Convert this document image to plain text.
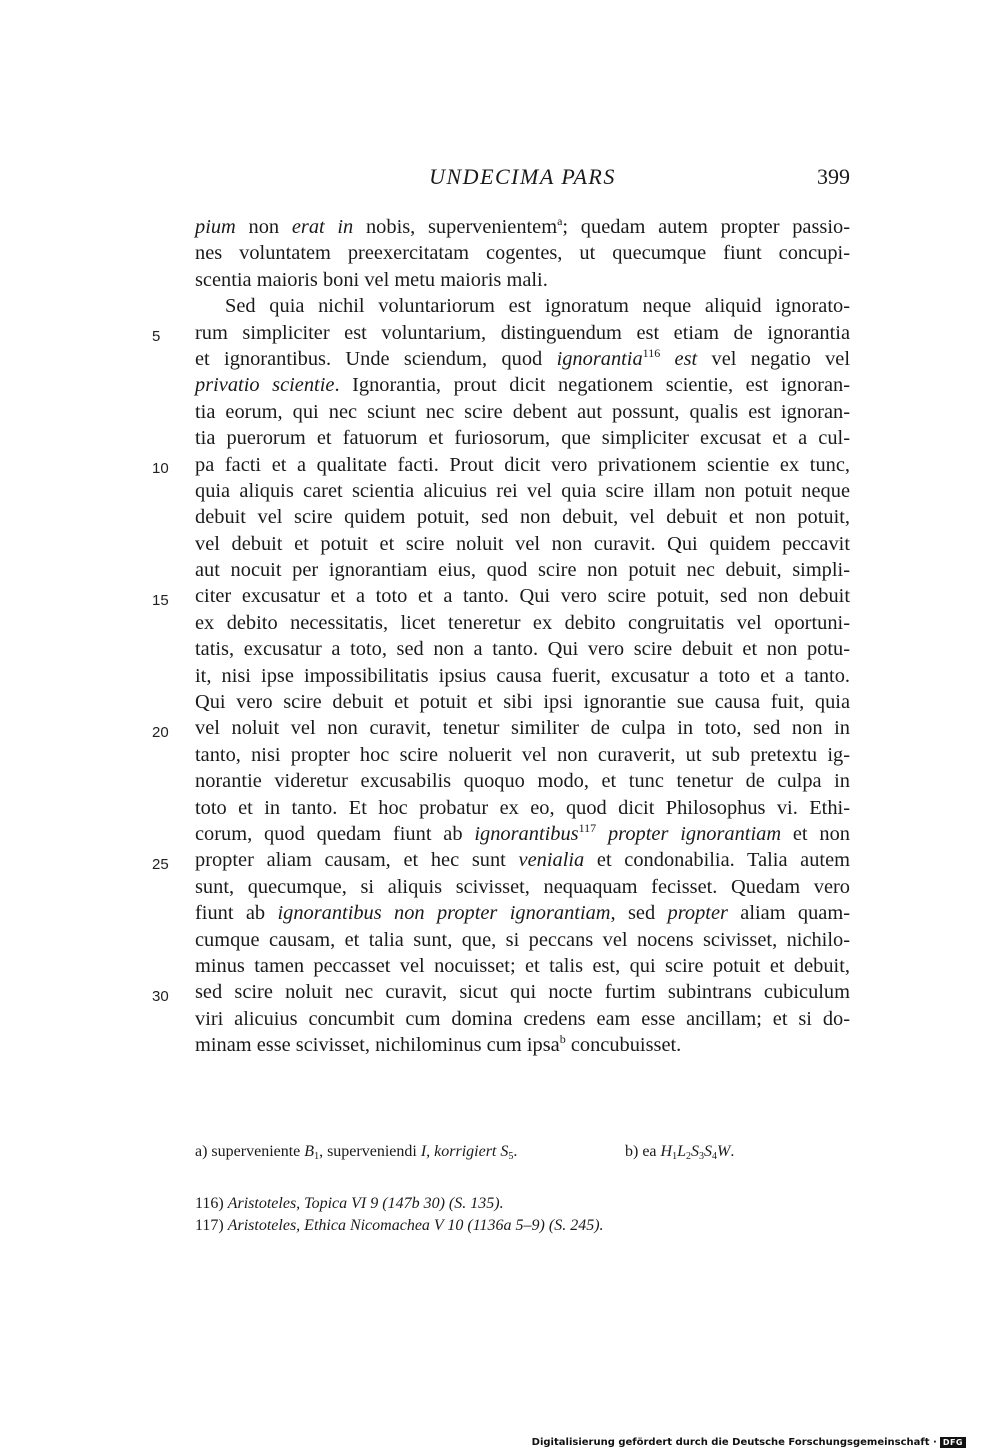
UNDECIMA PARS	399
5
10
15
20
25
30
pium non erat in nobis, supervenientem$^a$; quedam autem propter passio-
nes voluntatem preexercitatam cogentes, ut quecumque fiunt concupi-
scentia maioris boni vel metu maioris mali.
Sed quia nichil voluntariorum est ignoratum neque aliquid ignorato-
rum simpliciter est voluntarium, distinguendum est etiam de ignorantia
et ignorantibus. Unde sciendum, quod ignorantia$^{116}$ est vel negatio vel
privatio scientie. Ignorantia, prout dicit negationem scientie, est ignoran-
tia eorum, qui nec sciunt nec scire debent aut possunt, qualis est ignoran-
tia puerorum et fatuorum et furiosorum, que simpliciter excusat et a cul-
pa facti et a qualitate facti. Prout dicit vero privationem scientie ex tunc,
quia aliquis caret scientia alicuius rei vel quia scire illam non potuit neque
debuit vel scire quidem potuit, sed non debuit, vel debuit et non potuit,
vel debuit et potuit et scire noluit vel non curavit. Qui quidem peccavit
aut nocuit per ignorantiam eius, quod scire non potuit nec debuit, simpli-
citer excusatur et a toto et a tanto. Qui vero scire potuit, sed non debuit
ex debito necessitatis, licet teneretur ex debito congruitatis vel oportuni-
tatis, excusatur a toto, sed non a tanto. Qui vero scire debuit et non potu-
it, nisi ipse impossibilitatis ipsius causa fuerit, excusatur a toto et a tanto.
Qui vero scire debuit et potuit et sibi ipsi ignorantie sue causa fuit, quia
vel noluit vel non curavit, tenetur similiter de culpa in toto, sed non in
tanto, nisi propter hoc scire noluerit vel non curaverit, ut sub pretextu ig-
norantie videretur excusabilis quoquo modo, et tunc tenetur de culpa in
toto et in tanto. Et hoc probatur ex eo, quod dicit Philosophus vi. Ethi-
corum, quod quedam fiunt ab ignorantibus$^{117}$ propter ignorantiam et non
propter aliam causam, et hec sunt venialia et condonabilia. Talia autem
sunt, quecumque, si aliquis scivisset, nequaquam fecisset. Quedam vero
fiunt ab ignorantibus non propter ignorantiam, sed propter aliam quam-
cumque causam, et talia sunt, que, si peccans vel nocens scivisset, nichilo-
minus tamen peccasset vel nocuisset; et talis est, qui scire potuit et debuit,
sed scire noluit nec curavit, sicut qui nocte furtim subintrans cubiculum
viri alicuius concumbit cum domina credens eam esse ancillam; et si do-
minam esse scivisset, nichilominus cum ipsa$^b$ concubuisset.
a) superveniente $B_1$, superveniendi I, korrigiert $S_5$.	b) ea $H_1L_2S_3S_4W$.
116) Aristoteles, Topica VI 9 (147b 30) (S. 135).
117) Aristoteles, Ethica Nicomachea V 10 (1136a 5–9) (S. 245).
Digitalisierung gefördert durch die Deutsche Forschungsgemeinschaft · DFG
